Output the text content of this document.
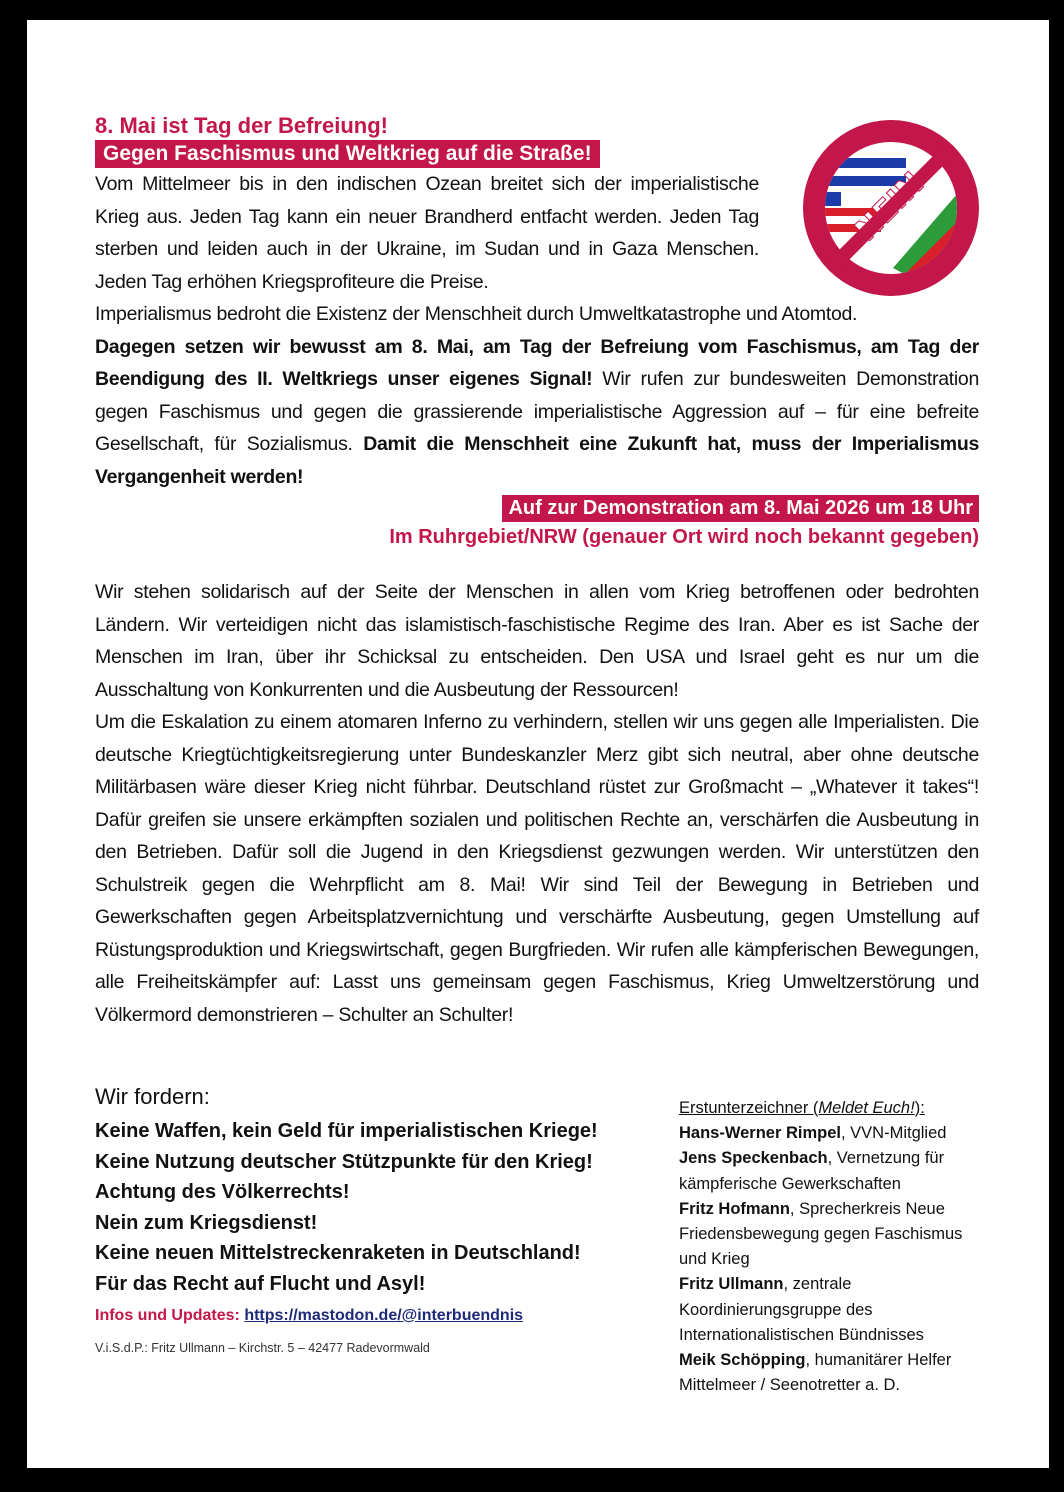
8. Mai ist Tag der Befreiung!
Gegen Faschismus und Weltkrieg auf die Straße!
Vom Mittelmeer bis in den indischen Ozean breitet sich der imperialistische Krieg aus. Jeden Tag kann ein neuer Brandherd entfacht werden. Jeden Tag sterben und leiden auch in der Ukraine, im Sudan und in Gaza Menschen. Jeden Tag erhöhen Kriegsprofiteure die Preise.

Imperialismus bedroht die Existenz der Menschheit durch Umweltkatastrophe und Atomtod.
Dagegen setzen wir bewusst am 8. Mai, am Tag der Befreiung vom Faschismus, am Tag der Beendigung des II. Weltkriegs unser eigenes Signal! Wir rufen zur bundesweiten Demonstration gegen Faschismus und gegen die grassierende imperialistische Aggression auf – für eine befreite Gesellschaft, für Sozialismus. Damit die Menschheit eine Zukunft hat, muss der Imperialismus Vergangenheit werden!

Auf zur Demonstration am 8. Mai 2026 um 18 Uhr
Im Ruhrgebiet/NRW (genauer Ort wird noch bekannt gegeben)

Wir stehen solidarisch auf der Seite der Menschen in allen vom Krieg betroffenen oder bedrohten Ländern. Wir verteidigen nicht das islamistisch-faschistische Regime des Iran. Aber es ist Sache der Menschen im Iran, über ihr Schicksal zu entscheiden. Den USA und Israel geht es nur um die Ausschaltung von Konkurrenten und die Ausbeutung der Ressourcen!

Um die Eskalation zu einem atomaren Inferno zu verhindern, stellen wir uns gegen alle Imperialisten. Die deutsche Kriegtüchtigkeitsregierung unter Bundeskanzler Merz gibt sich neutral, aber ohne deutsche Militärbasen wäre dieser Krieg nicht führbar. Deutschland rüstet zur Großmacht – „Whatever it takes“! Dafür greifen sie unsere erkämpften sozialen und politischen Rechte an, verschärfen die Ausbeutung in den Betrieben. Dafür soll die Jugend in den Kriegsdienst gezwungen werden. Wir unterstützen den Schulstreik gegen die Wehrpflicht am 8. Mai! Wir sind Teil der Bewegung in Betrieben und Gewerkschaften gegen Arbeitsplatzvernichtung und verschärfte Ausbeutung, gegen Umstellung auf Rüstungsproduktion und Kriegswirtschaft, gegen Burgfrieden. Wir rufen alle kämpferischen Bewegungen, alle Freiheitskämpfer auf: Lasst uns gemeinsam gegen Faschismus, Krieg Umweltzerstörung und Völkermord demonstrieren – Schulter an Schulter!

Wir fordern:
Keine Waffen, kein Geld für imperialistischen Kriege!
Keine Nutzung deutscher Stützpunkte für den Krieg!
Achtung des Völkerrechts!
Nein zum Kriegsdienst!
Keine neuen Mittelstreckenraketen in Deutschland!
Für das Recht auf Flucht und Asyl!
Infos und Updates: https://mastodon.de/@interbuendnis
V.i.S.d.P.: Fritz Ullmann – Kirchstr. 5 – 42477 Radevormwald
Erstunterzeichner (Meldet Euch!):
Hans-Werner Rimpel, VVN-Mitglied
Jens Speckenbach, Vernetzung für kämpferische Gewerkschaften
Fritz Hofmann, Sprecherkreis Neue Friedensbewegung gegen Faschismus und Krieg
Fritz Ullmann, zentrale Koordinierungsgruppe des Internationalistischen Bündnisses
Meik Schöpping, humanitärer Helfer Mittelmeer / Seenotretter a. D.
